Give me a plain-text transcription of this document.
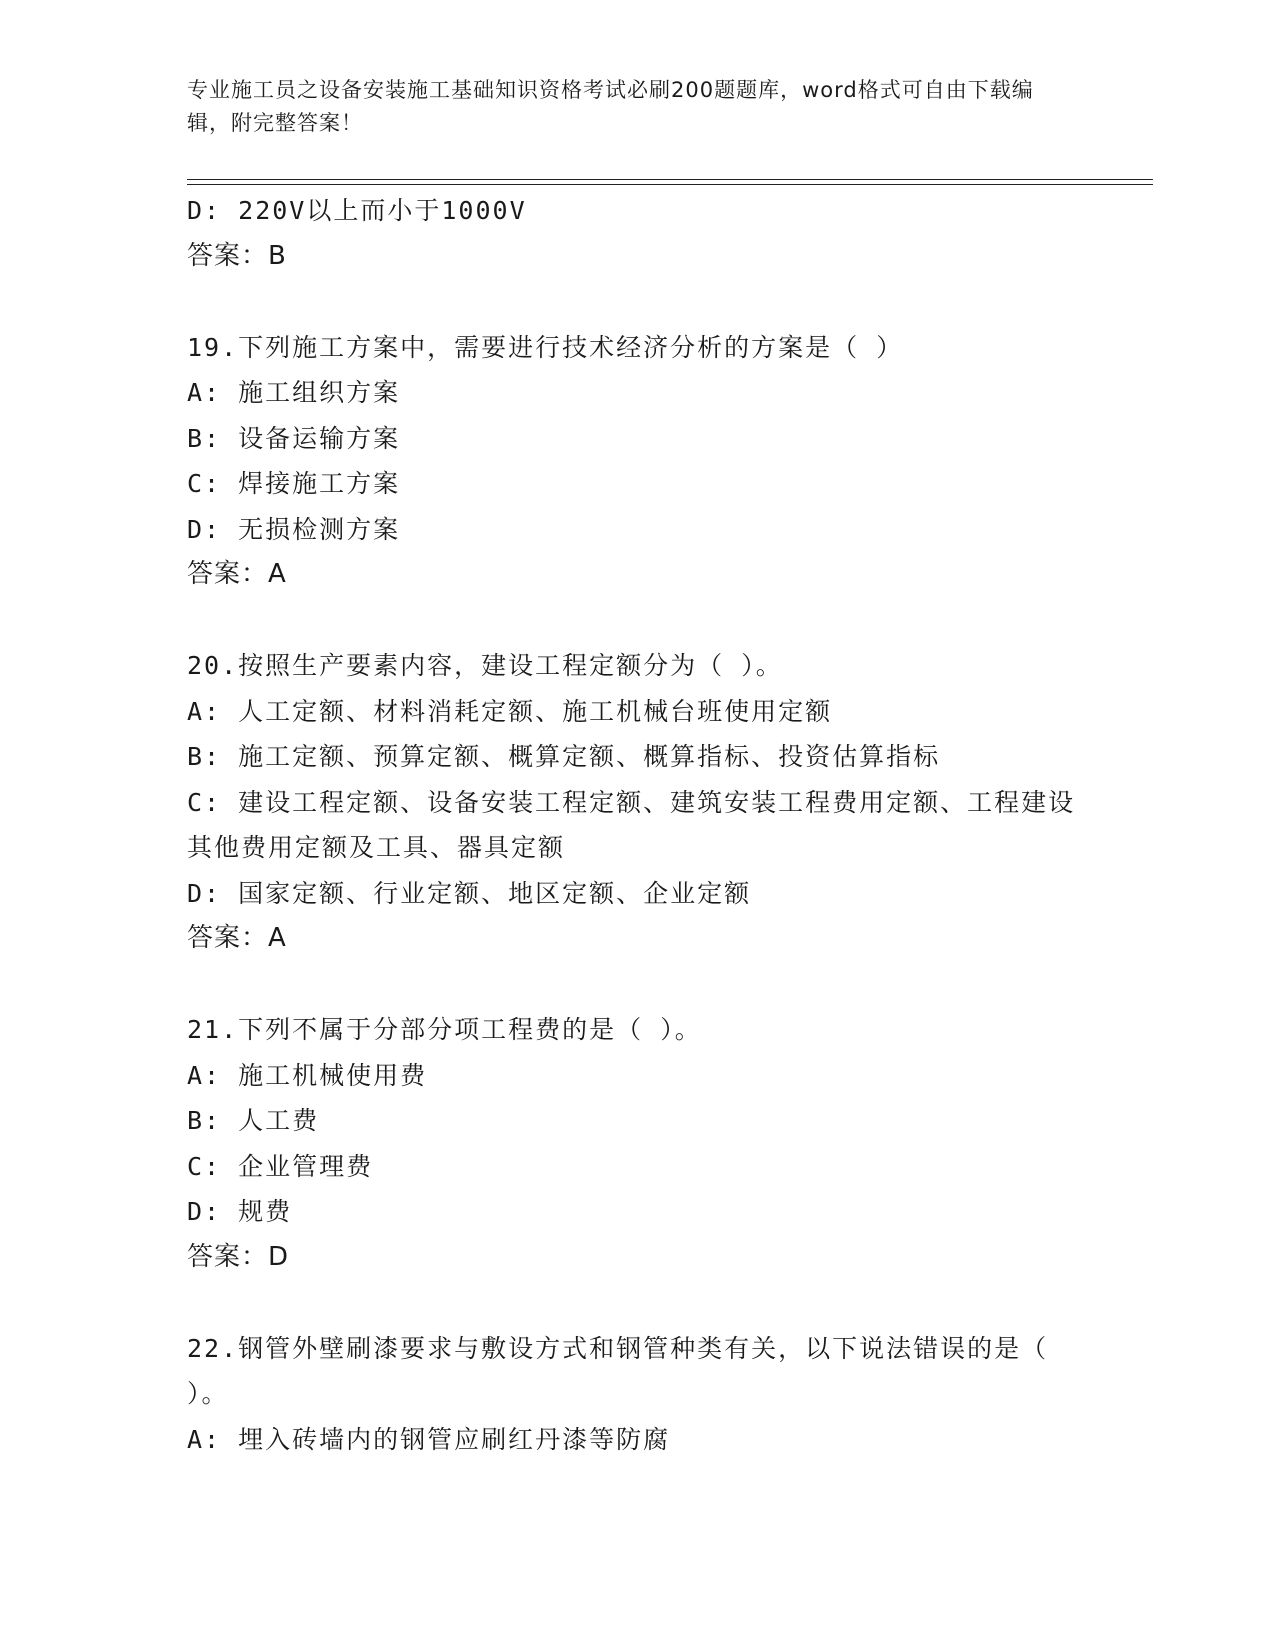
专业施工员之设备安装施工基础知识资格考试必刷200题题库，word格式可自由下载编辑，附完整答案！
D: 220V以上而小于1000V
答案：B
19.下列施工方案中，需要进行技术经济分析的方案是（ ）
A: 施工组织方案
B: 设备运输方案
C: 焊接施工方案
D: 无损检测方案
答案：A
20.按照生产要素内容，建设工程定额分为（ ）。
A: 人工定额、材料消耗定额、施工机械台班使用定额
B: 施工定额、预算定额、概算定额、概算指标、投资估算指标
C: 建设工程定额、设备安装工程定额、建筑安装工程费用定额、工程建设其他费用定额及工具、器具定额
D: 国家定额、行业定额、地区定额、企业定额
答案：A
21.下列不属于分部分项工程费的是（ ）。
A: 施工机械使用费
B: 人工费
C: 企业管理费
D: 规费
答案：D
22.钢管外壁刷漆要求与敷设方式和钢管种类有关，以下说法错误的是（ ）。
A: 埋入砖墙内的钢管应刷红丹漆等防腐
